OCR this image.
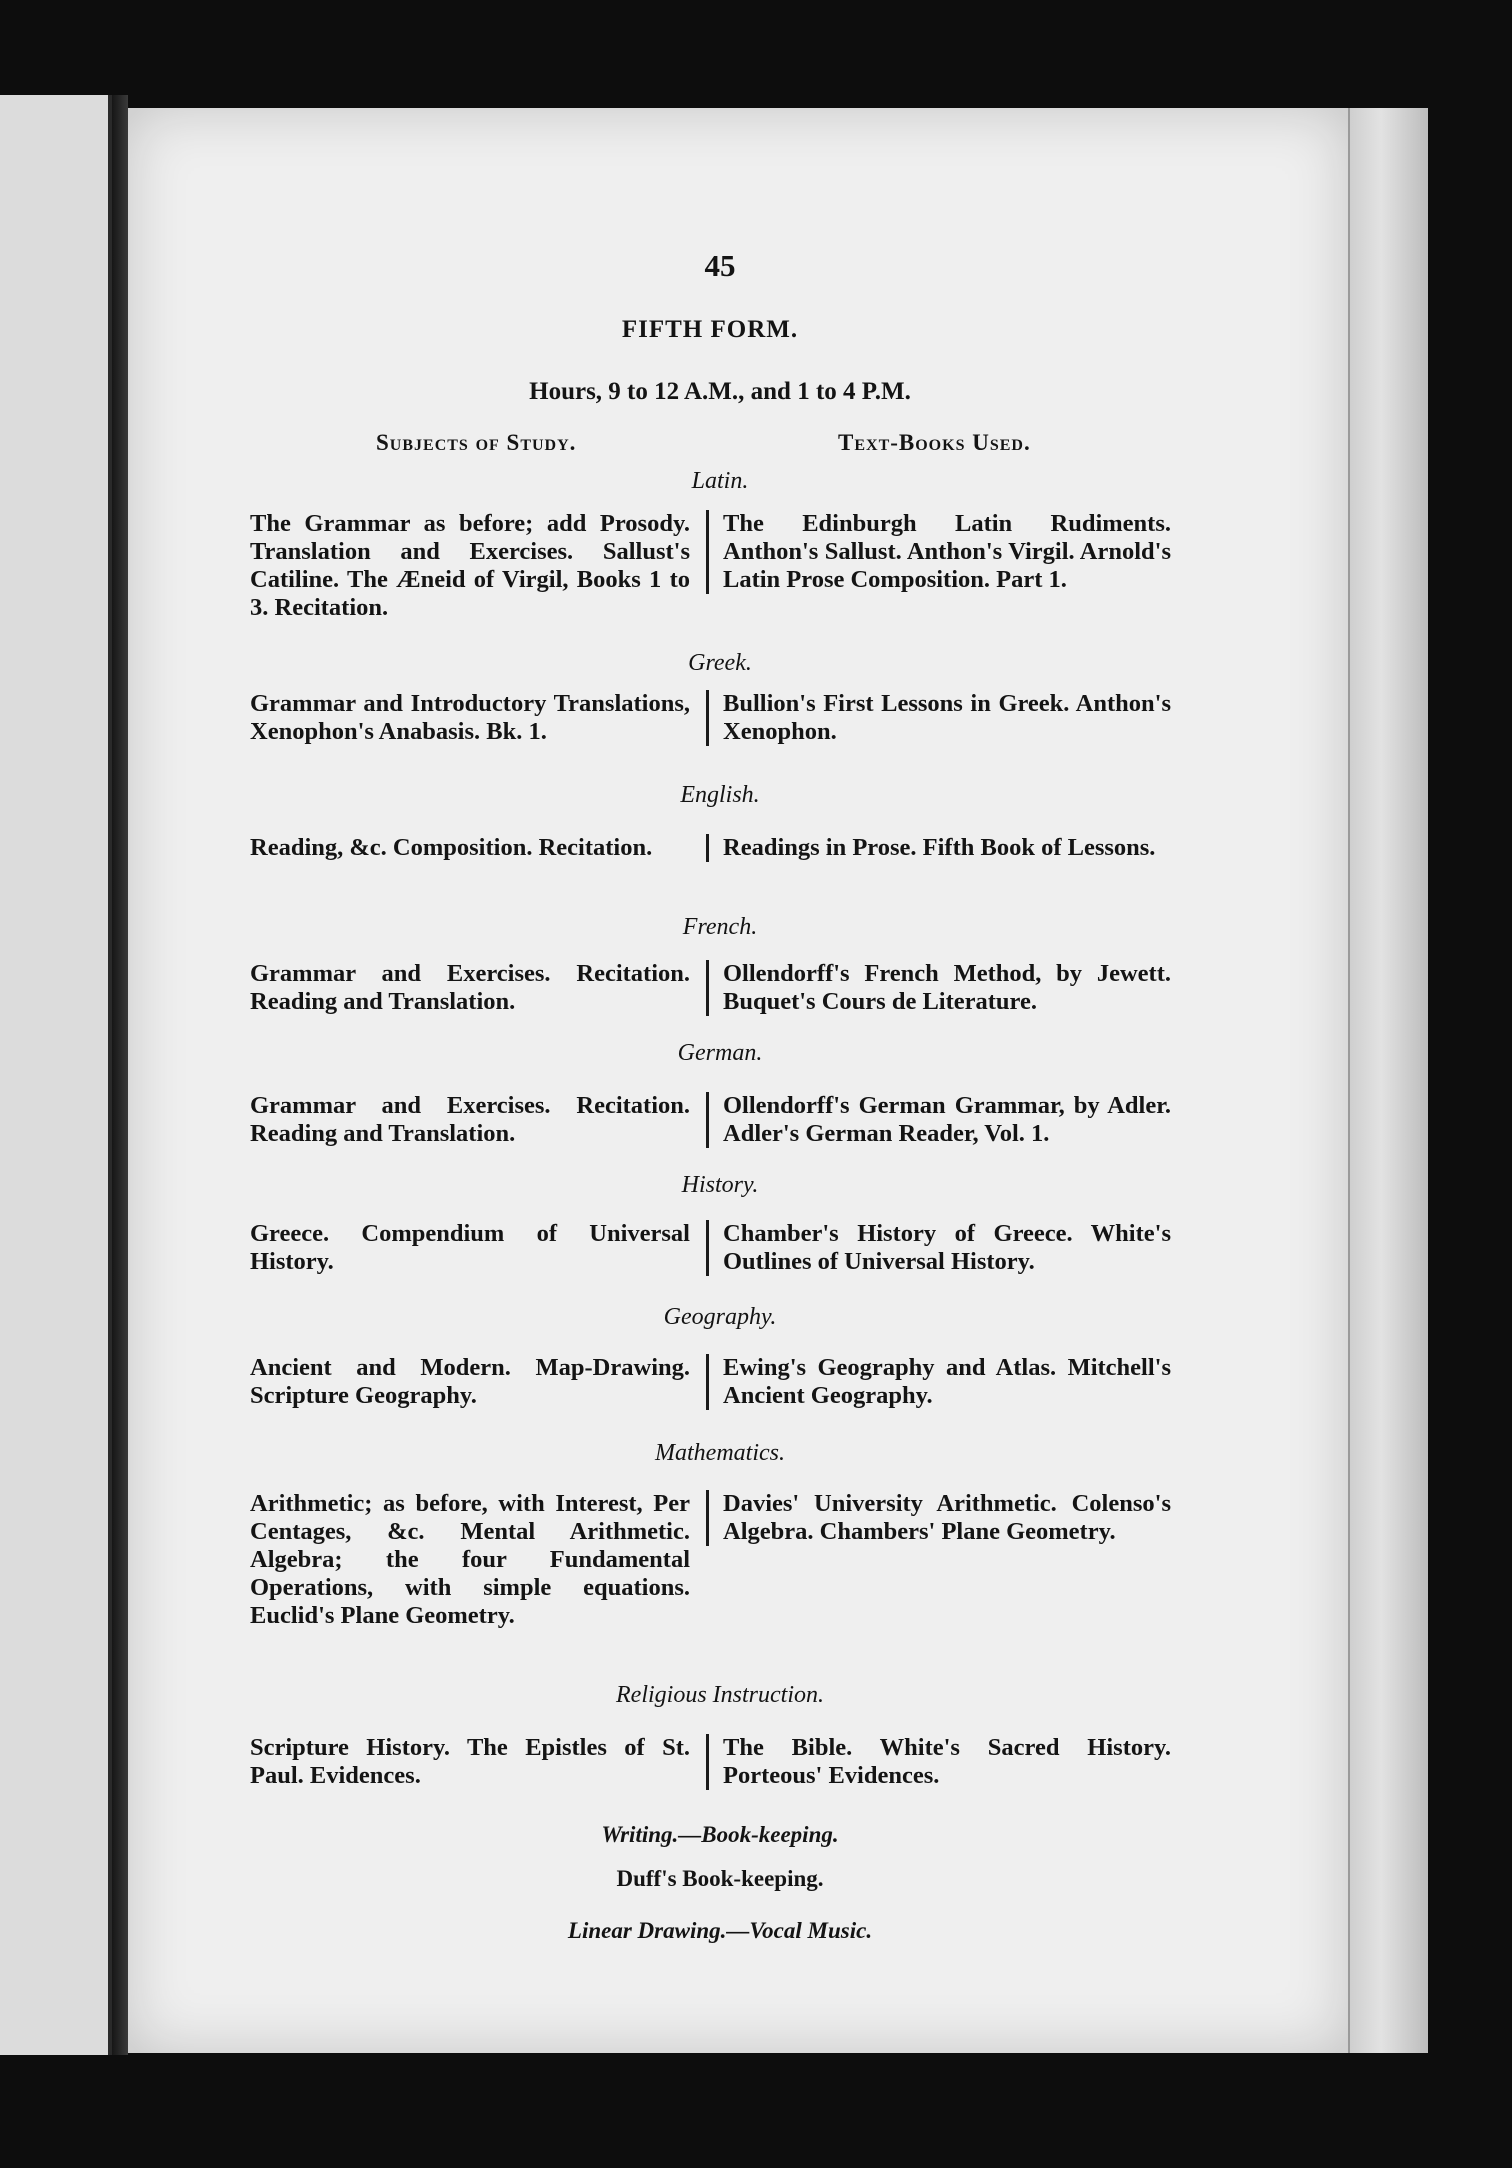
45
FIFTH FORM.
Hours, 9 to 12 A.M., and 1 to 4 P.M.
Subjects of Study.	Text-Books Used.
Latin.
The Grammar as before; add Prosody. Translation and Exercises. Sallust's Catiline. The Æneid of Virgil, Books 1 to 3. Recitation.
The Edinburgh Latin Rudiments. Anthon's Sallust. Anthon's Virgil. Arnold's Latin Prose Composition. Part 1.
Greek.
Grammar and Introductory Translations, Xenophon's Anabasis. Bk. 1.
Bullion's First Lessons in Greek. Anthon's Xenophon.
English.
Reading, &c. Composition. Recitation.	Readings in Prose. Fifth Book of Lessons.
French.
Grammar and Exercises. Recitation. Reading and Translation.
Ollendorff's French Method, by Jewett. Buquet's Cours de Literature.
German.
Grammar and Exercises. Recitation. Reading and Translation.
Ollendorff's German Grammar, by Adler. Adler's German Reader, Vol. 1.
History.
Greece. Compendium of Universal History.
Chamber's History of Greece. White's Outlines of Universal History.
Geography.
Ancient and Modern. Map-Drawing. Scripture Geography.
Ewing's Geography and Atlas. Mitchell's Ancient Geography.
Mathematics.
Arithmetic; as before, with Interest, Per Centages, &c. Mental Arithmetic. Algebra; the four Fundamental Operations, with simple equations. Euclid's Plane Geometry.
Davies' University Arithmetic. Colenso's Algebra. Chambers' Plane Geometry.
Religious Instruction.
Scripture History. The Epistles of St. Paul. Evidences.
The Bible. White's Sacred History. Porteous' Evidences.
Writing.—Book-keeping.
Duff's Book-keeping.
Linear Drawing.—Vocal Music.
